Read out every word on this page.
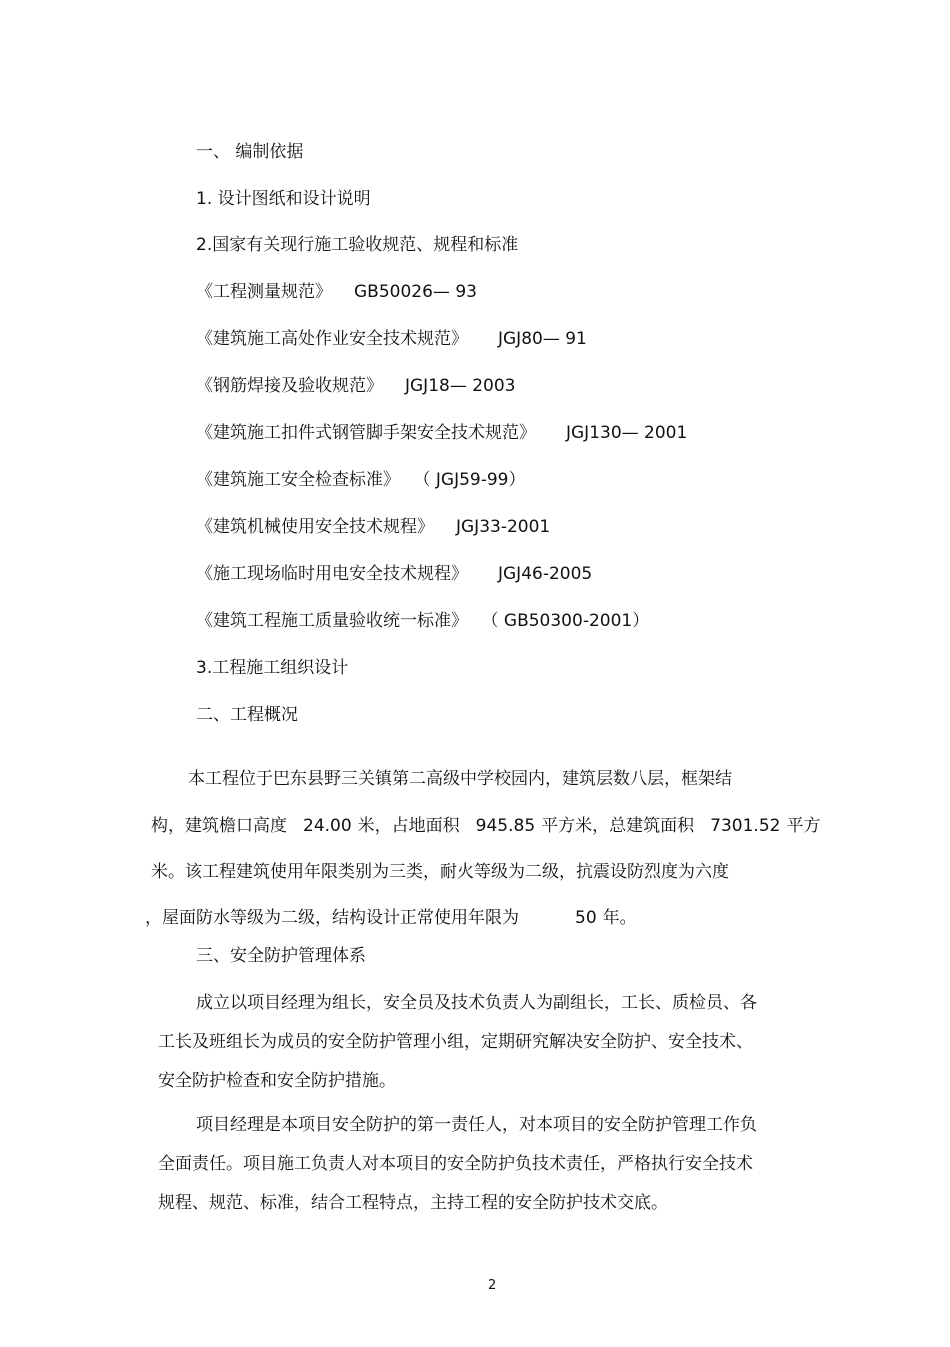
一、 编制依据
1. 设计图纸和设计说明
2.国家有关现行施工验收规范、规程和标准
《工程测量规范》 GB50026— 93
《建筑施工高处作业安全技术规范》 JGJ80— 91
《钢筋焊接及验收规范》 JGJ18— 2003
《建筑施工扣件式钢管脚手架安全技术规范》 JGJ130— 2001
《建筑施工安全检查标准》 （ JGJ59-99）
《建筑机械使用安全技术规程》 JGJ33-2001
《施工现场临时用电安全技术规程》 JGJ46-2005
《建筑工程施工质量验收统一标准》 （ GB50300-2001）
3.工程施工组织设计
二、工程概况
本工程位于巴东县野三关镇第二高级中学校园内，建筑层数八层，框架结
构，建筑檐口高度 24.00 米，占地面积 945.85 平方米，总建筑面积 7301.52 平方
米。该工程建筑使用年限类别为三类，耐火等级为二级，抗震设防烈度为六度
，屋面防水等级为二级，结构设计正常使用年限为	50 年。
三、安全防护管理体系
成立以项目经理为组长，安全员及技术负责人为副组长，工长、质检员、各
工长及班组长为成员的安全防护管理小组，定期研究解决安全防护、安全技术、
安全防护检查和安全防护措施。
项目经理是本项目安全防护的第一责任人，对本项目的安全防护管理工作负
全面责任。项目施工负责人对本项目的安全防护负技术责任，严格执行安全技术
规程、规范、标准，结合工程特点，主持工程的安全防护技术交底。
2
